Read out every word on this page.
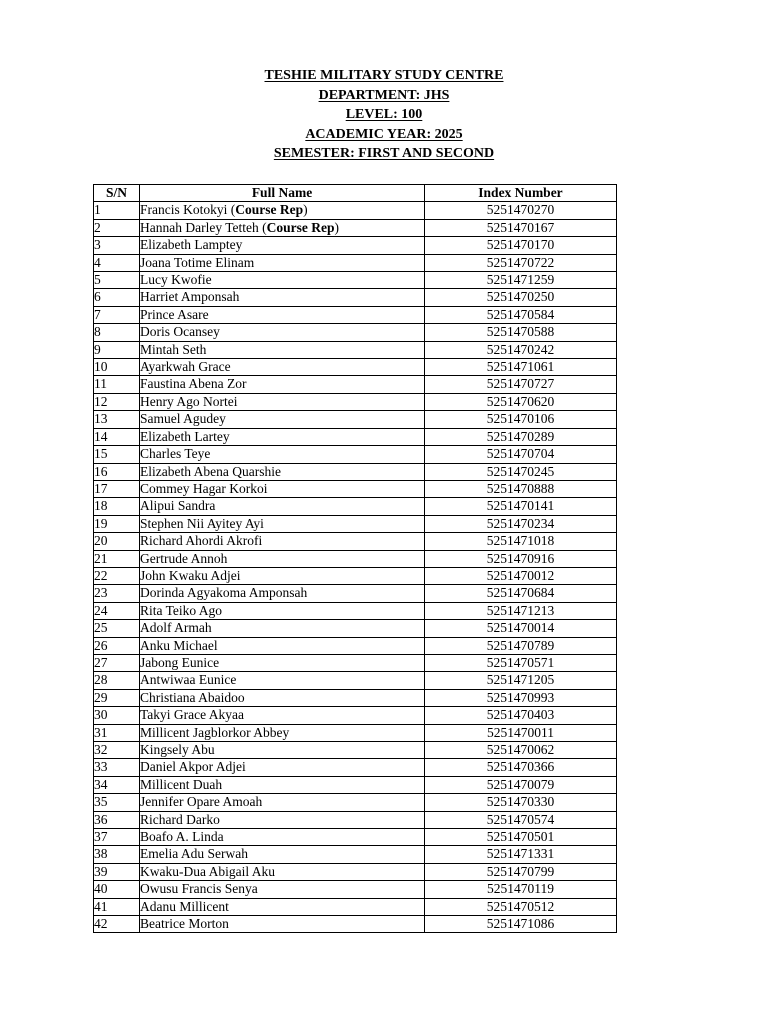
TESHIE MILITARY STUDY CENTRE
DEPARTMENT: JHS
LEVEL: 100
ACADEMIC YEAR: 2025
SEMESTER: FIRST AND SECOND
S/N	Full Name	Index Number
1	Francis Kotokyi (Course Rep)	5251470270
2	Hannah Darley Tetteh (Course Rep)	5251470167
3	Elizabeth Lamptey	5251470170
4	Joana Totime Elinam	5251470722
5	Lucy Kwofie	5251471259
6	Harriet Amponsah	5251470250
7	Prince Asare	5251470584
8	Doris Ocansey	5251470588
9	Mintah Seth	5251470242
10	Ayarkwah Grace	5251471061
11	Faustina Abena Zor	5251470727
12	Henry Ago Nortei	5251470620
13	Samuel Agudey	5251470106
14	Elizabeth Lartey	5251470289
15	Charles Teye	5251470704
16	Elizabeth Abena Quarshie	5251470245
17	Commey Hagar Korkoi	5251470888
18	Alipui Sandra	5251470141
19	Stephen Nii Ayitey Ayi	5251470234
20	Richard Ahordi Akrofi	5251471018
21	Gertrude Annoh	5251470916
22	John Kwaku Adjei	5251470012
23	Dorinda Agyakoma Amponsah	5251470684
24	Rita Teiko Ago	5251471213
25	Adolf Armah	5251470014
26	Anku Michael	5251470789
27	Jabong Eunice	5251470571
28	Antwiwaa Eunice	5251471205
29	Christiana Abaidoo	5251470993
30	Takyi Grace Akyaa	5251470403
31	Millicent Jagblorkor Abbey	5251470011
32	Kingsely Abu	5251470062
33	Daniel Akpor Adjei	5251470366
34	Millicent Duah	5251470079
35	Jennifer Opare Amoah	5251470330
36	Richard Darko	5251470574
37	Boafo A. Linda	5251470501
38	Emelia Adu Serwah	5251471331
39	Kwaku-Dua Abigail Aku	5251470799
40	Owusu Francis Senya	5251470119
41	Adanu Millicent	5251470512
42	Beatrice Morton	5251471086
